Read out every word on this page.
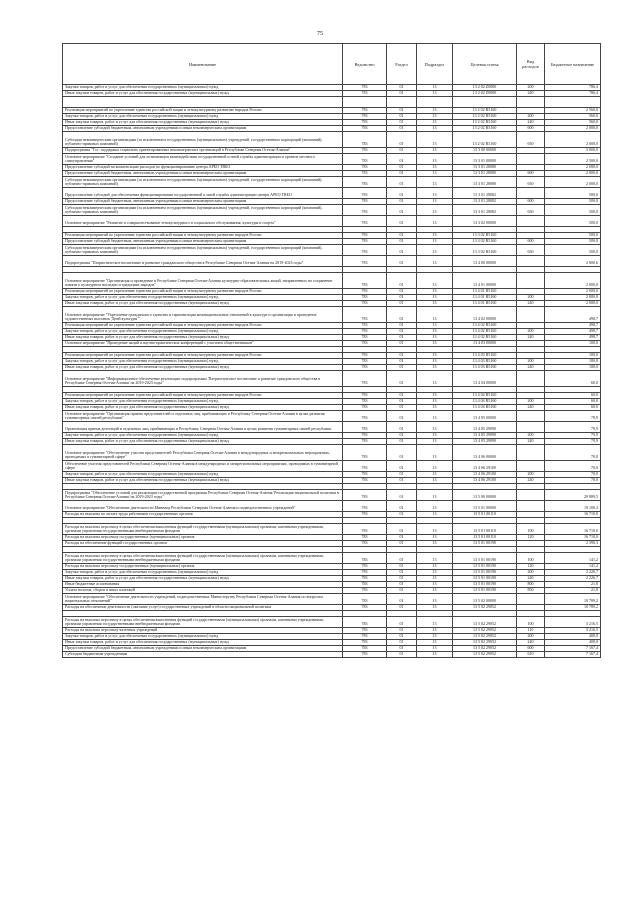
75
Наименование	Ведомство	Раздел	Подраздел	Целевая статья	Вид расходов	Бюджетное назначение
Закупка товаров, работ и услуг для обеспечения государственных (муниципальных) нужд	783	01	13	13 2 02 Z0000	200	786,4
Иные закупки товаров, работ и услуг для обеспечения государственных (муниципальных) нужд	783	01	13	13 2 02 Z0000	240	786,4

Реализация мероприятий по укреплению единства российской нации и этнокультурному развитию народов России	783	01	13	13 2 02 R5160		2 560,0
Закупка товаров, работ и услуг для обеспечения государственных (муниципальных) нужд	783	01	13	13 2 02 R5160	200	560,0
Иные закупки товаров, работ и услуг для обеспечения государственных (муниципальных) нужд	783	01	13	13 2 02 R5160	240	560,0
Предоставление субсидий бюджетным, автономным учреждениям и иным некоммерческим организациям	783	01	13	13 2 02 R5160	600	2 000,0
Субсидии некоммерческим организациям (за исключением государственных (муниципальных) учреждений, государственных корпораций (компаний), публично-правовых компаний)	783	01	13	13 2 02 R5160	630	2 000,0
Подпрограмма "Гос. поддержка социально ориентированных некоммерческих организаций в Республике Северная Осетия-Алания"	783	01	13	13 3 00 00000		3 000,0
Основное мероприятие "Создание условий для оптимизации взаимодействия государственной и иной службы администрации и органов местного самоуправления"	783	01	13	13 3 01 00000		2 500,0
Предоставление субсидий на компенсацию расходов по функционированию центра АРБО ТВБО	783	01	13	13 3 01 28080		2 000,0
Предоставление субсидий бюджетным, автономным учреждениям и иным некоммерческим организациям	783	01	13	13 3 01 28080	600	2 000,0
Субсидии некоммерческим организациям (за исключением государственных (муниципальных) учреждений, государственных корпораций (компаний), публично-правовых компаний)	783	01	13	13 3 01 28080	630	2 000,0
Предоставление субсидий для обеспечения функционирования государственной и иной службы администрации центра АРБО ТВБО	783	01	13	13 3 01 28082		500,0
Предоставление субсидий бюджетным, автономным учреждениям и иным некоммерческим организациям	783	01	13	13 3 01 28082	600	500,0
Субсидии некоммерческим организациям (за исключением государственных (муниципальных) учреждений, государственных корпораций (компаний), публично-правовых компаний)	783	01	13	13 3 01 28082	630	500,0
Основное мероприятие "Развитие и совершенствование этнокультурного и социального обслуживания, культуры и спорта"	783	01	13	13 3 02 00000		500,0

Реализация мероприятий по укреплению единства российской нации и этнокультурному развитию народов России	783	01	13	13 3 02 R5160		500,0
Предоставление субсидий бюджетным, автономным учреждениям и иным некоммерческим организациям	783	01	13	13 3 02 R5160	600	500,0
Субсидии некоммерческим организациям (за исключением государственных (муниципальных) учреждений, государственных корпораций (компаний), публично-правовых компаний)	783	01	13	13 3 02 R5160	630	500,0
Подпрограмма "Патриотическое воспитание и развитие гражданского общества в Республике Северная Осетия-Алания на 2019-2023 годы"	783	01	13	13 4 00 00000		2 800,6

Основное мероприятие "Организация и проведение в Республике Северная Осетия-Алания культурно-образовательных акций, направленных на сохранение памяти о культурном наследии и традициях народов"	783	01	13	13 4 01 00000		2 000,0
Реализация мероприятий по укреплению единства российской нации и этнокультурному развитию народов России	783	01	13	13 4 01 R5160		2 000,0
Закупка товаров, работ и услуг для обеспечения государственных (муниципальных) нужд	783	01	13	13 4 01 R5160	200	2 000,0
Иные закупки товаров, работ и услуг для обеспечения государственных (муниципальных) нужд	783	01	13	13 4 01 R5160	240	2 000,0
Основное мероприятие "Укрепление гражданского единства и гармонизация межнациональных отношений в культуре и организация и проведение художественных выставок 'Дней культуры'"	783	01	13	13 4 02 00000		498,7
Реализация мероприятий по укреплению единства российской нации и этнокультурному развитию народов России	783	01	13	13 4 02 R5160		498,7
Закупка товаров, работ и услуг для обеспечения государственных (муниципальных) нужд	783	01	13	13 4 02 R5160	200	498,7
Иные закупки товаров, работ и услуг для обеспечения государственных (муниципальных) нужд	783	01	13	13 4 02 R5160	240	498,7
Основное мероприятие "Проведение акций и научно-практических конференций с участием общественников"	783	01	13	13 4 03 00000		100,0

Реализация мероприятий по укреплению единства российской нации и этнокультурному развитию народов России	783	01	13	13 4 03 R5160		100,0
Закупка товаров, работ и услуг для обеспечения государственных (муниципальных) нужд	783	01	13	13 4 03 R5160	200	100,0
Иные закупки товаров, работ и услуг для обеспечения государственных (муниципальных) нужд	783	01	13	13 4 03 R5160	240	100,0
Основное мероприятие "Информационное обеспечение реализации подпрограммы 'Патриотическое воспитание и развитие гражданского общества в Республике Северная Осетия-Алания' на 2019-2023 годы"	783	01	13	13 4 04 00000		60,0

Реализация мероприятий по укреплению единства российской нации и этнокультурному развитию народов России	783	01	13	13 4 04 R5160		60,0
Закупка товаров, работ и услуг для обеспечения государственных (муниципальных) нужд	783	01	13	13 4 04 R5160	200	60,0
Иные закупки товаров, работ и услуг для обеспечения государственных (муниципальных) нужд	783	01	13	13 4 04 R5160	240	60,0
Основное мероприятие "Организация приема представителей и отдельных лиц, прибывающих в Республику Северная Осетия-Алания в целях развития гуманитарных связей республики"	783	01	13	13 4 05 00000		79,9
Организация приема делегаций и отдельных лиц, прибывающих в Республику Северная Осетия-Алания в целях развития гуманитарных связей республики	783	01	13	13 4 05 29090		79,9
Закупка товаров, работ и услуг для обеспечения государственных (муниципальных) нужд	783	01	13	13 4 05 29090	200	79,9
Иные закупки товаров, работ и услуг для обеспечения государственных (муниципальных) нужд	783	01	13	13 4 05 29090	240	79,9
Основное мероприятие "Обеспечение участия представителей Республики Северная Осетия-Алания в международных и межрегиональных мероприятиях, проводимых в гуманитарной сфере"	783	01	13	13 4 06 00000		70,0
Обеспечение участия представителей Республики Северная Осетия-Алания в международных и межрегиональных мероприятиях, проводимых в гуманитарной сфере	783	01	13	13 4 06 29100		70,0
Закупка товаров, работ и услуг для обеспечения государственных (муниципальных) нужд	783	01	13	13 4 06 29100	200	70,0
Иные закупки товаров, работ и услуг для обеспечения государственных (муниципальных) нужд	783	01	13	13 4 06 29100	240	70,0

Подпрограмма "Обеспечение условий для реализации государственной программы Республики Северная Осетия-Алания 'Реализация национальной политики в Республике Северная Осетия-Алания' на 2019-2023 годы"	783	01	13	13 5 00 00000		29 889,5
Основное мероприятие "Обеспечение деятельности Миннаца Республики Северная Осетия-Алания и подведомственных учреждений"	783	01	13	13 5 01 00000		19 100,3
Расходы на выплаты по оплате труда работников государственных органов	783	01	13	13 5 01 00110		16 710,0

Расходы на выплаты персоналу в целях обеспечения выполнения функций государственными (муниципальными) органами, казенными учреждениями, органами управления государственными внебюджетными фондами	783	01	13	13 5 01 00110	100	16 710,0
Расходы на выплаты персоналу государственных (муниципальных) органов	783	01	13	13 5 01 00110	120	16 710,0
Расходы на обеспечение функций государственных органов	783	01	13	13 5 01 00190		2 390,3

Расходы на выплаты персоналу в целях обеспечения выполнения функций государственными (муниципальными) органами, казенными учреждениями, органами управления государственными внебюджетными фондами	783	01	13	13 5 01 00190	100	141,2
Расходы на выплаты персоналу государственных (муниципальных) органов	783	01	13	13 5 01 00190	120	141,2
Закупка товаров, работ и услуг для обеспечения государственных (муниципальных) нужд	783	01	13	13 5 01 00190	200	2 226,7
Иные закупки товаров, работ и услуг для обеспечения государственных (муниципальных) нужд	783	01	13	13 5 01 00190	240	2 226,7
Иные бюджетные ассигнования	783	01	13	13 5 01 00190	800	21,8
Уплата налогов, сборов и иных платежей	783	01	13	13 5 01 00190	850	21,8
Основное мероприятие "Обеспечение деятельности учреждений, подведомственных Министерству Республики Северная Осетия-Алания по вопросам национальных отношений"	783	01	13	13 5 02 00000		10 789,2
Расходы на обеспечение деятельности (оказание услуг) государственных учреждений в области национальной политики	783	01	13	13 5 02 29052		10 789,2

Расходы на выплаты персоналу в целях обеспечения выполнения функций государственными (муниципальными) органами, казенными учреждениями, органами управления государственными внебюджетными фондами	783	01	13	13 5 02 29052	100	3 216,5
Расходы на выплаты персоналу казенных учреждений	783	01	13	13 5 02 29052	110	3 216,5
Закупка товаров, работ и услуг для обеспечения государственных (муниципальных) нужд	783	01	13	13 5 02 29052	200	400,0
Иные закупки товаров, работ и услуг для обеспечения государственных (муниципальных) нужд	783	01	13	13 5 02 29052	240	400,0
Предоставление субсидий бюджетным, автономным учреждениям и иным некоммерческим организациям	783	01	13	13 5 02 29052	600	7 167,4
Субсидии бюджетным учреждениям	783	01	13	13 5 02 29052	610	7 167,4
